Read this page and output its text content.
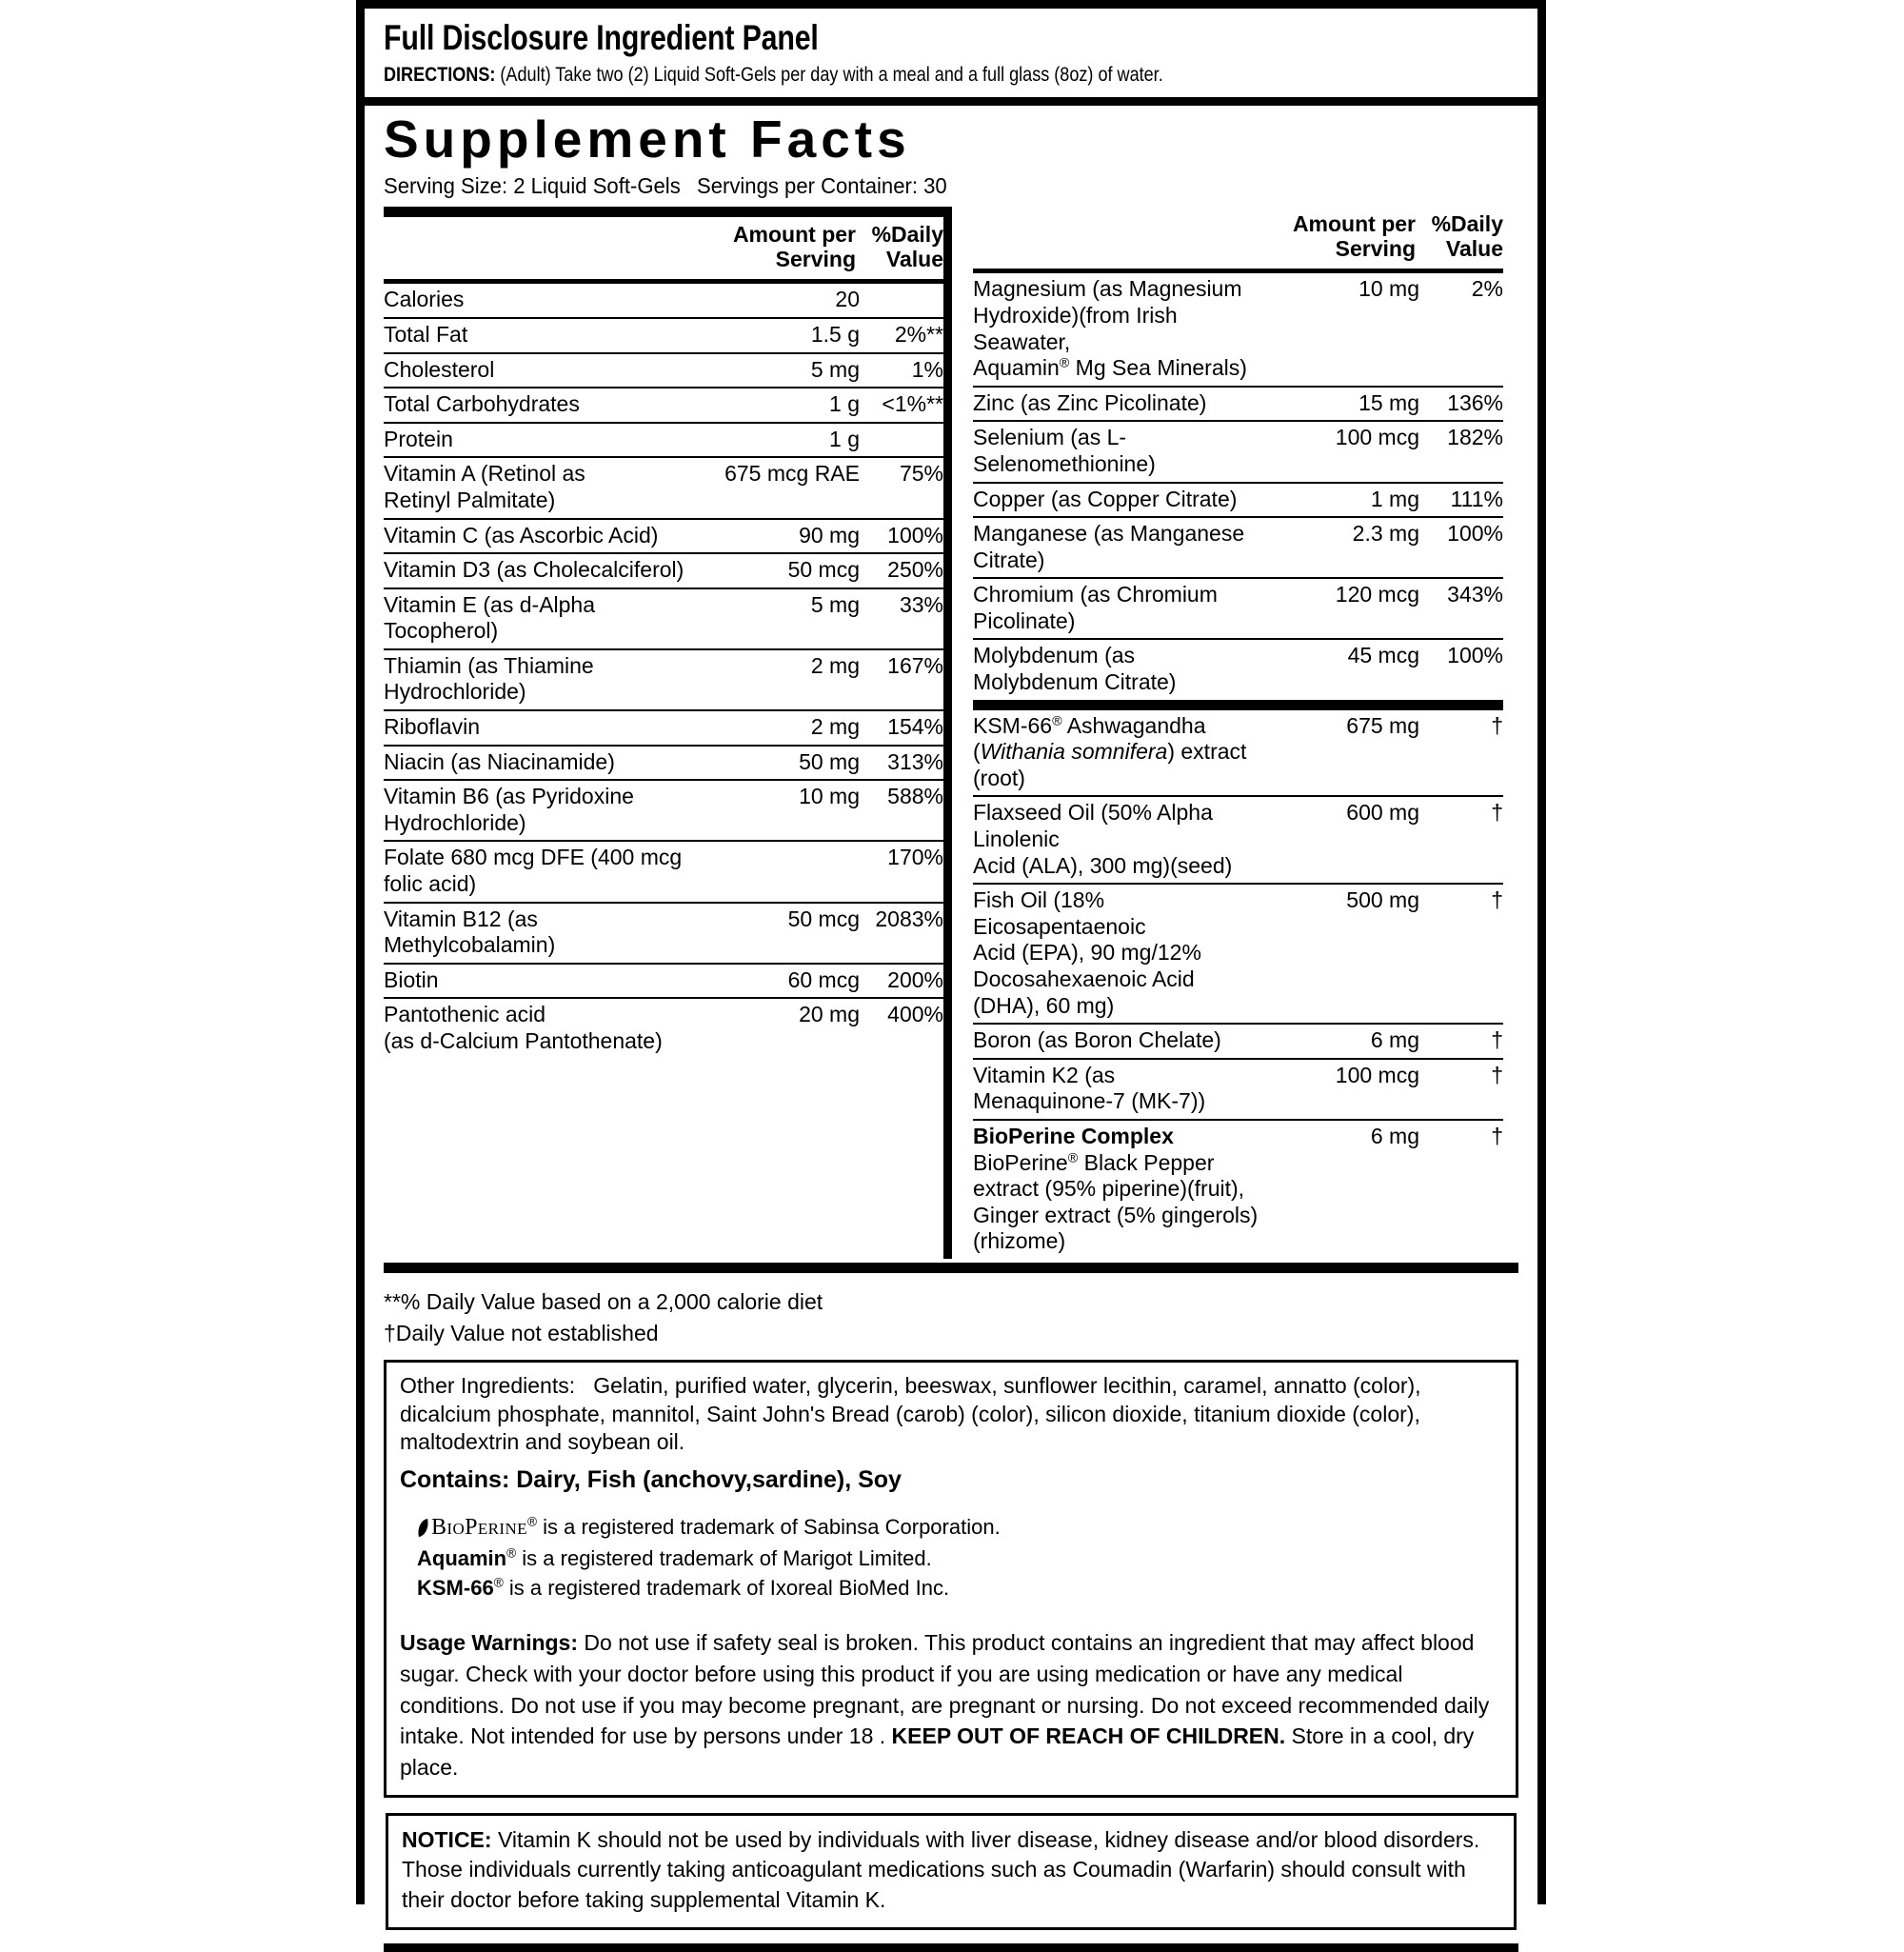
Full Disclosure Ingredient Panel DIRECTIONS: (Adult) Take two (2) Liquid Soft-Gels per day with a meal and a full glass (8oz) of water.
Supplement Facts
Serving Size: 2 Liquid Soft-Gels Servings per Container: 30
Amount per
Serving
%Daily
Value
Calories	20	
Total Fat	1.5 g	2%**
Cholesterol	5 mg	1%
Total Carbohydrates	1 g	<1%**
Protein	1 g	
Vitamin A (Retinol as
Retinyl Palmitate)	675 mcg RAE	75%
Vitamin C (as Ascorbic Acid)	90 mg	100%
Vitamin D3 (as Cholecalciferol)	50 mcg	250%
Vitamin E (as d-Alpha Tocopherol)	5 mg	33%
Thiamin (as Thiamine Hydrochloride)	2 mg	167%
Riboflavin	2 mg	154%
Niacin (as Niacinamide)	50 mg	313%
Vitamin B6 (as Pyridoxine
Hydrochloride)	10 mg	588%
Folate 680 mcg DFE (400 mcg folic acid)		170%
Vitamin B12 (as Methylcobalamin)	50 mcg	2083%
Biotin	60 mcg	200%
Pantothenic acid
(as d-Calcium Pantothenate)	20 mg	400%
Amount per
Serving
%Daily
Value
Magnesium (as Magnesium
Hydroxide)(from Irish Seawater,
Aquamin® Mg Sea Minerals)	10 mg	2%
Zinc (as Zinc Picolinate)	15 mg	136%
Selenium (as L-Selenomethionine)	100 mcg	182%
Copper (as Copper Citrate)	1 mg	111%
Manganese (as Manganese Citrate)	2.3 mg	100%
Chromium (as Chromium Picolinate)	120 mcg	343%
Molybdenum (as Molybdenum Citrate)	45 mcg	100%
KSM-66® Ashwagandha
(Withania somnifera) extract (root)	675 mg	†
Flaxseed Oil (50% Alpha Linolenic
Acid (ALA), 300 mg)(seed)	600 mg	†
Fish Oil (18% Eicosapentaenoic
Acid (EPA), 90 mg/12%
Docosahexaenoic Acid (DHA), 60 mg)	500 mg	†
Boron (as Boron Chelate)	6 mg	†
Vitamin K2 (as Menaquinone-7 (MK-7))	100 mcg	†
BioPerine Complex
BioPerine® Black Pepper extract (95% piperine)(fruit),
Ginger extract (5% gingerols)(rhizome)	6 mg	†
**% Daily Value based on a 2,000 calorie diet
†Daily Value not established
Other Ingredients: Gelatin, purified water, glycerin, beeswax, sunflower lecithin, caramel, annatto (color), dicalcium phosphate, mannitol, Saint John's Bread (carob) (color), silicon dioxide, titanium dioxide (color), maltodextrin and soybean oil.
Contains: Dairy, Fish (anchovy,sardine), Soy
BioPerine® is a registered trademark of Sabinsa Corporation.
Aquamin® is a registered trademark of Marigot Limited.
KSM-66® is a registered trademark of Ixoreal BioMed Inc.
Usage Warnings: Do not use if safety seal is broken. This product contains an ingredient that may affect blood sugar. Check with your doctor before using this product if you are using medication or have any medical conditions. Do not use if you may become pregnant, are pregnant or nursing. Do not exceed recommended daily intake. Not intended for use by persons under 18 . KEEP OUT OF REACH OF CHILDREN. Store in a cool, dry place.
NOTICE: Vitamin K should not be used by individuals with liver disease, kidney disease and/or blood disorders. Those individuals currently taking anticoagulant medications such as Coumadin (Warfarin) should consult with their doctor before taking supplemental Vitamin K.
